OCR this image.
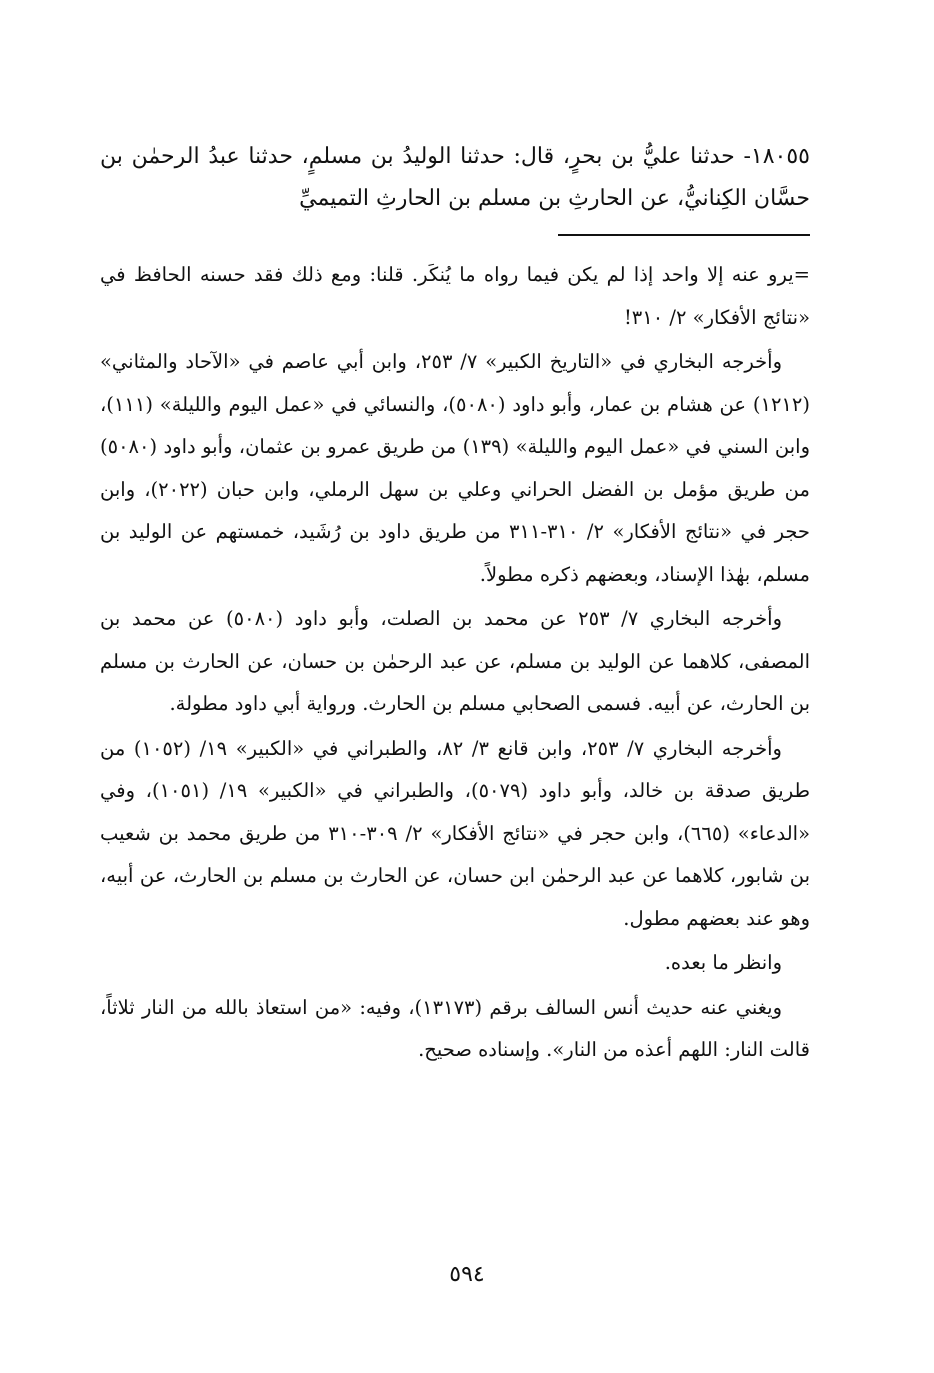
١٨٠٥٥- حدثنا عليُّ بن بحرٍ، قال: حدثنا الوليدُ بن مسلمٍ، حدثنا عبدُ الرحمٰن بن حسَّان الكِنانيُّ، عن الحارثِ بن مسلم بن الحارثِ التميميِّ

=يرو عنه إلا واحد إذا لم يكن فيما رواه ما يُنكَر. قلنا: ومع ذلك فقد حسنه الحافظ في «نتائج الأفكار» ٢/ ٣١٠!

وأخرجه البخاري في «التاريخ الكبير» ٧/ ٢٥٣، وابن أبي عاصم في «الآحاد والمثاني» (١٢١٢) عن هشام بن عمار، وأبو داود (٥٠٨٠)، والنسائي في «عمل اليوم والليلة» (١١١)، وابن السني في «عمل اليوم والليلة» (١٣٩) من طريق عمرو بن عثمان، وأبو داود (٥٠٨٠) من طريق مؤمل بن الفضل الحراني وعلي بن سهل الرملي، وابن حبان (٢٠٢٢)، وابن حجر في «نتائج الأفكار» ٢/ ٣١٠-٣١١ من طريق داود بن رُشَيد، خمستهم عن الوليد بن مسلم، بهٰذا الإسناد، وبعضهم ذكره مطولاً.

وأخرجه البخاري ٧/ ٢٥٣ عن محمد بن الصلت، وأبو داود (٥٠٨٠) عن محمد بن المصفى، كلاهما عن الوليد بن مسلم، عن عبد الرحمٰن بن حسان، عن الحارث بن مسلم بن الحارث، عن أبيه. فسمى الصحابي مسلم بن الحارث. ورواية أبي داود مطولة.

وأخرجه البخاري ٧/ ٢٥٣، وابن قانع ٣/ ٨٢، والطبراني في «الكبير» ١٩/ (١٠٥٢) من طريق صدقة بن خالد، وأبو داود (٥٠٧٩)، والطبراني في «الكبير» ١٩/ (١٠٥١)، وفي «الدعاء» (٦٦٥)، وابن حجر في «نتائج الأفكار» ٢/ ٣٠٩-٣١٠ من طريق محمد بن شعيب بن شابور، كلاهما عن عبد الرحمٰن ابن حسان، عن الحارث بن مسلم بن الحارث، عن أبيه، وهو عند بعضهم مطول.

وانظر ما بعده.

ويغني عنه حديث أنس السالف برقم (١٣١٧٣)، وفيه: «من استعاذ بالله من النار ثلاثاً، قالت النار: اللهم أعذه من النار». وإسناده صحيح.

٥٩٤
